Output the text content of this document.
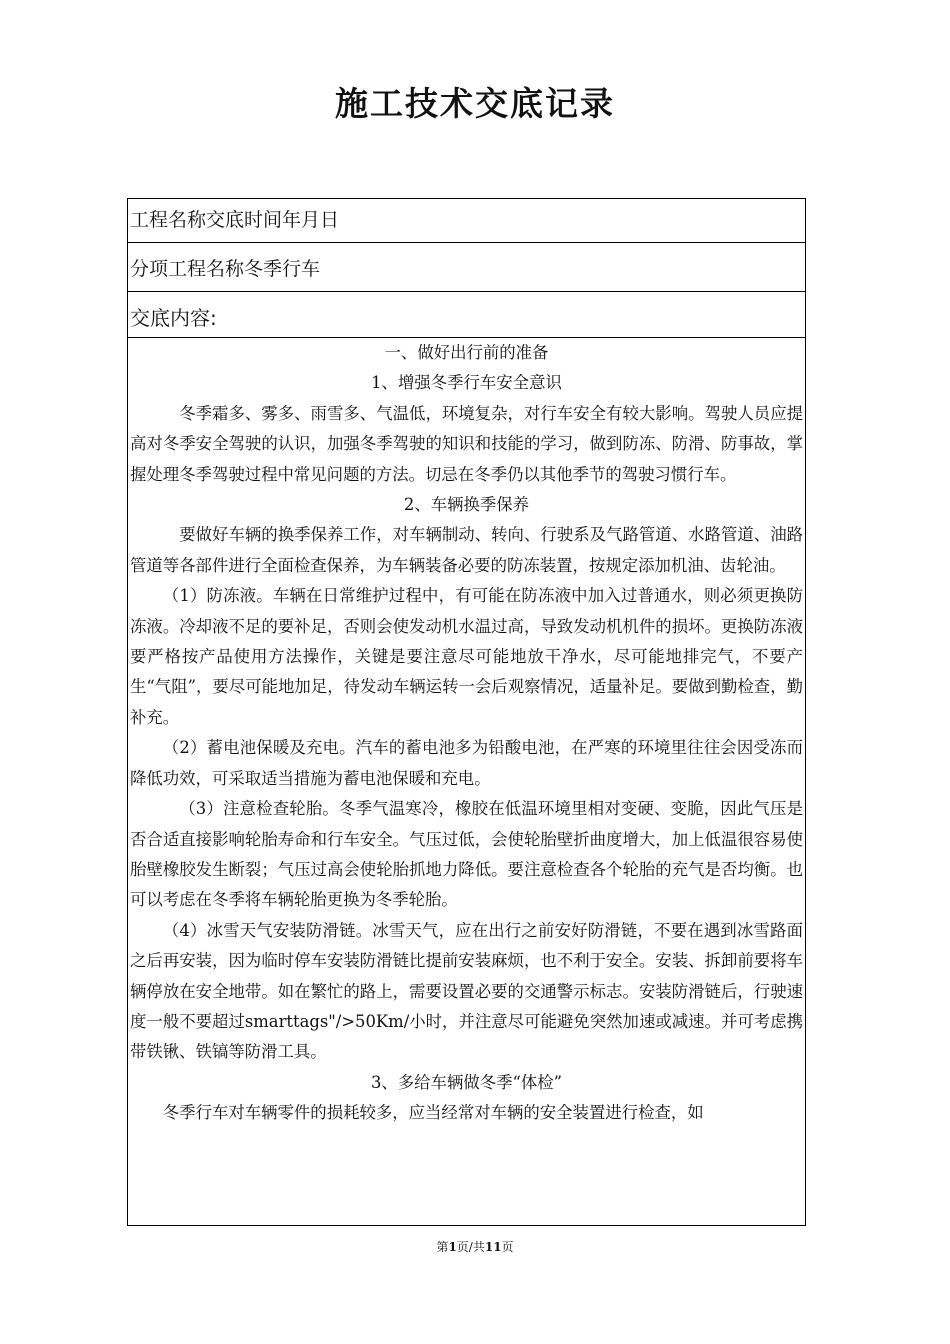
施工技术交底记录
工程名称交底时间年月日
分项工程名称冬季行车
交底内容:

一、做好出行前的准备

1、增强冬季行车安全意识

冬季霜多、雾多、雨雪多、气温低，环境复杂，对行车安全有较大影响。驾驶人员应提高对冬季安全驾驶的认识，加强冬季驾驶的知识和技能的学习，做到防冻、防滑、防事故，掌握处理冬季驾驶过程中常见问题的方法。切忌在冬季仍以其他季节的驾驶习惯行车。

2、车辆换季保养

要做好车辆的换季保养工作，对车辆制动、转向、行驶系及气路管道、水路管道、油路管道等各部件进行全面检查保养，为车辆装备必要的防冻装置，按规定添加机油、齿轮油。

（1）防冻液。车辆在日常维护过程中，有可能在防冻液中加入过普通水，则必须更换防冻液。冷却液不足的要补足，否则会使发动机水温过高，导致发动机机件的损坏。更换防冻液要严格按产品使用方法操作，关键是要注意尽可能地放干净水，尽可能地排完气，不要产生“气阻”，要尽可能地加足，待发动车辆运转一会后观察情况，适量补足。要做到勤检查，勤补充。

（2）蓄电池保暖及充电。汽车的蓄电池多为铅酸电池，在严寒的环境里往往会因受冻而降低功效，可采取适当措施为蓄电池保暖和充电。

（3）注意检查轮胎。冬季气温寒冷，橡胶在低温环境里相对变硬、变脆，因此气压是否合适直接影响轮胎寿命和行车安全。气压过低，会使轮胎壁折曲度增大，加上低温很容易使胎壁橡胶发生断裂；气压过高会使轮胎抓地力降低。要注意检查各个轮胎的充气是否均衡。也可以考虑在冬季将车辆轮胎更换为冬季轮胎。

（4）冰雪天气安装防滑链。冰雪天气，应在出行之前安好防滑链，不要在遇到冰雪路面之后再安装，因为临时停车安装防滑链比提前安装麻烦，也不利于安全。安装、拆卸前要将车辆停放在安全地带。如在繁忙的路上，需要设置必要的交通警示标志。安装防滑链后，行驶速度一般不要超过smarttags"/>50Km/小时，并注意尽可能避免突然加速或减速。并可考虑携带铁锹、铁镐等防滑工具。

3、多给车辆做冬季“体检”

冬季行车对车辆零件的损耗较多，应当经常对车辆的安全装置进行检查，如

第1页/共11页
